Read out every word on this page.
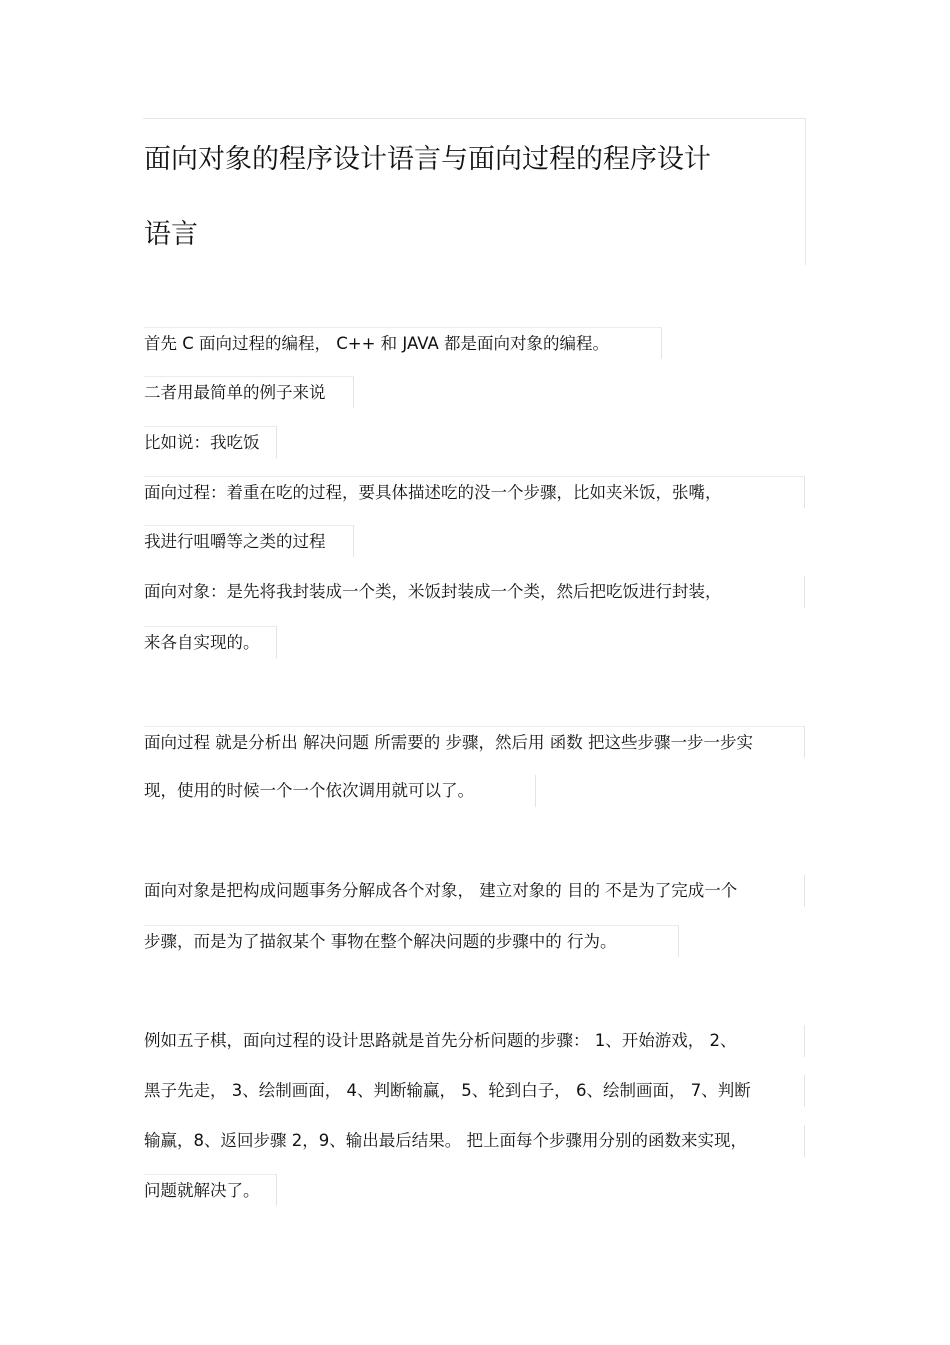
面向对象的程序设计语言与面向过程的程序设计
语言
首先 C 面向过程的编程， C++ 和 JAVA 都是面向对象的编程。
二者用最简单的例子来说
比如说：我吃饭
面向过程：着重在吃的过程，要具体描述吃的没一个步骤，比如夹米饭，张嘴，
我进行咀嚼等之类的过程
面向对象：是先将我封装成一个类，米饭封装成一个类，然后把吃饭进行封装，
来各自实现的。
面向过程 就是分析出 解决问题 所需要的 步骤，然后用 函数 把这些步骤一步一步实
现，使用的时候一个一个依次调用就可以了。
面向对象是把构成问题事务分解成各个对象， 建立对象的 目的 不是为了完成一个
步骤，而是为了描叙某个 事物在整个解决问题的步骤中的 行为。
例如五子棋，面向过程的设计思路就是首先分析问题的步骤： 1、开始游戏， 2、
黑子先走， 3、绘制画面， 4、判断输赢， 5、轮到白子， 6、绘制画面， 7、判断
输赢，8、返回步骤 2，9、输出最后结果。 把上面每个步骤用分别的函数来实现，
问题就解决了。
